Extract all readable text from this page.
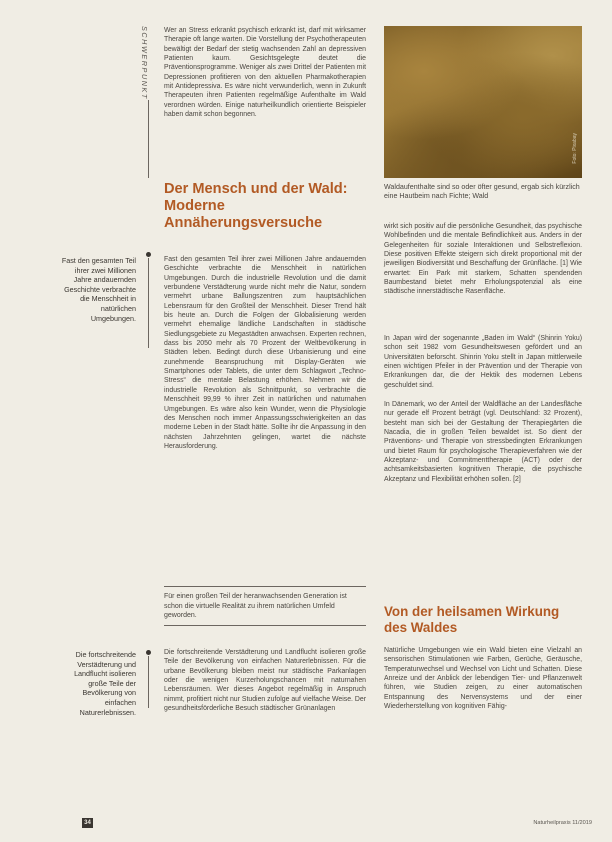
SCHWERPUNKT Wer an Stress erkrankt psychisch erkrankt ist, darf mit wirksamer Therapie oft lange warten. Die Vorstellung der Psychotherapeuten bewältigt der Bedarf der stetig wachsenden Zahl an depressiven Patienten kaum. Gesichtsgelegte deutet die Präventionsprogramme. Weniger als zwei Drittel der Patienten mit Depressionen profitieren von den aktuellen Pharmakotherapien mit Antidepressiva. Es wäre nicht verwunderlich, wenn in Zukunft Therapeuten ihren Patienten regelmäßige Aufenthalte im Wald verordnen würden. Einige naturheilkundlich orientierte Beispieler haben damit schon begonnen.

Der Mensch und der Wald: Moderne Annäherungsversuche

Fast den gesamten Teil ihrer zwei Millionen Jahre andauernden Geschichte verbrachte die Menschheit in natürlichen Umgebungen.

Fast den gesamten Teil ihrer zwei Millionen Jahre andauernden Geschichte verbrachte die Menschheit in natürlichen Umgebungen. Durch die industrielle Revolution und die damit verbundene Verstädterung wurde nicht mehr die Natur, sondern vermehrt urbane Ballungszentren zum hauptsächlichen Lebensraum für den Großteil der Menschheit. Dieser Trend hält bis heute an. Durch die Folgen der Globalisierung werden vermehrt ehemalige ländliche Landschaften in städtische Siedlungsgebiete zu Megastädten anwachsen. Experten rechnen, dass bis 2050 mehr als 70 Prozent der Weltbevölkerung in Städten leben. Bedingt durch diese Urbanisierung und eine zunehmende Beanspruchung mit Display-Geräten wie Smartphones oder Tablets, die unter dem Schlagwort „Techno-Stress“ die mentale Belastung erhöhen. Nehmen wir die industrielle Revolution als Schnittpunkt, so verbrachte die Menschheit 99,99 % ihrer Zeit in natürlichen und naturnahen Umgebungen. Es wäre also kein Wunder, wenn die Physiologie des Menschen noch immer Anpassungsschwierigkeiten an das moderne Leben in der Stadt hätte. Sollte ihr die Anpassung in den nächsten Jahrzehnten gelingen, wartet die nächste Herausforderung.

Für einen großen Teil der heranwachsenden Generation ist schon die virtuelle Realität zu ihrem natürlichen Umfeld geworden.

Die fortschreitende Verstädterung und Landflucht isolieren große Teile der Bevölkerung von einfachen Naturerlebnissen.

Die fortschreitende Verstädterung und Landflucht isolieren große Teile der Bevölkerung von einfachen Naturerlebnissen. Für die urbane Bevölkerung bleiben meist nur städtische Parkanlagen oder die wenigen Kurzerholungschancen mit naturnahen Lebensräumen. Wer dieses Angebot regelmäßig in Anspruch nimmt, profitiert nicht nur Studien zufolge auf vielfache Weise. Der gesundheitsförderliche Besuch städtischer Grünanlagen

Foto: Pixabay

Waldaufenthalte sind so oder öfter gesund, ergab sich kürzlich eine Hautbeim nach Fichte; Wald

wirkt sich positiv auf die persönliche Gesundheit, das psychische Wohlbefinden und die mentale Befindlichkeit aus. Anders in der Gelegenheiten für soziale Interaktionen und Selbstreflexion. Diese positiven Effekte steigern sich direkt proportional mit der jeweiligen Biodiversität und Beschaffung der Grünfläche. [1] Wie erwartet: Ein Park mit starkem, Schatten spendenden Baumbestand bietet mehr Erholungspotenzial als eine städtische innerstädtische Rasenfläche.

In Japan wird der sogenannte „Baden im Wald“ (Shinrin Yoku) schon seit 1982 vom Gesundheitswesen gefördert und an Universitäten beforscht. Shinrin Yoku stellt in Japan mittlerweile einen wichtigen Pfeiler in der Prävention und der Therapie von Erkrankungen dar, die der Hektik des modernen Lebens geschuldet sind.

In Dänemark, wo der Anteil der Waldfläche an der Landesfläche nur gerade elf Prozent beträgt (vgl. Deutschland: 32 Prozent), besteht man sich bei der Gestaltung der Therapiegärten die Nacadia, die in großen Teilen bewaldet ist. So dient der Präventions- und Therapie von stressbedingten Erkrankungen und bietet Raum für psychologische Therapieverfahren wie der Akzeptanz- und Commitmenttherapie (ACT) oder der achtsamkeitsbasierten kognitiven Therapie, die psychische Akzeptanz und Flexibilität erhöhen sollen. [2]

Von der heilsamen Wirkung des Waldes

Natürliche Umgebungen wie ein Wald bieten eine Vielzahl an sensorischen Stimulationen wie Farben, Gerüche, Geräusche, Temperaturwechsel und Wechsel von Licht und Schatten. Diese Anreize und der Anblick der lebendigen Tier- und Pflanzenwelt führen, wie Studien zeigen, zu einer automatischen Entspannung des Nervensystems und der einer Wiederherstellung von kognitiven Fähig-

34	Naturheilpraxis 11/2019
